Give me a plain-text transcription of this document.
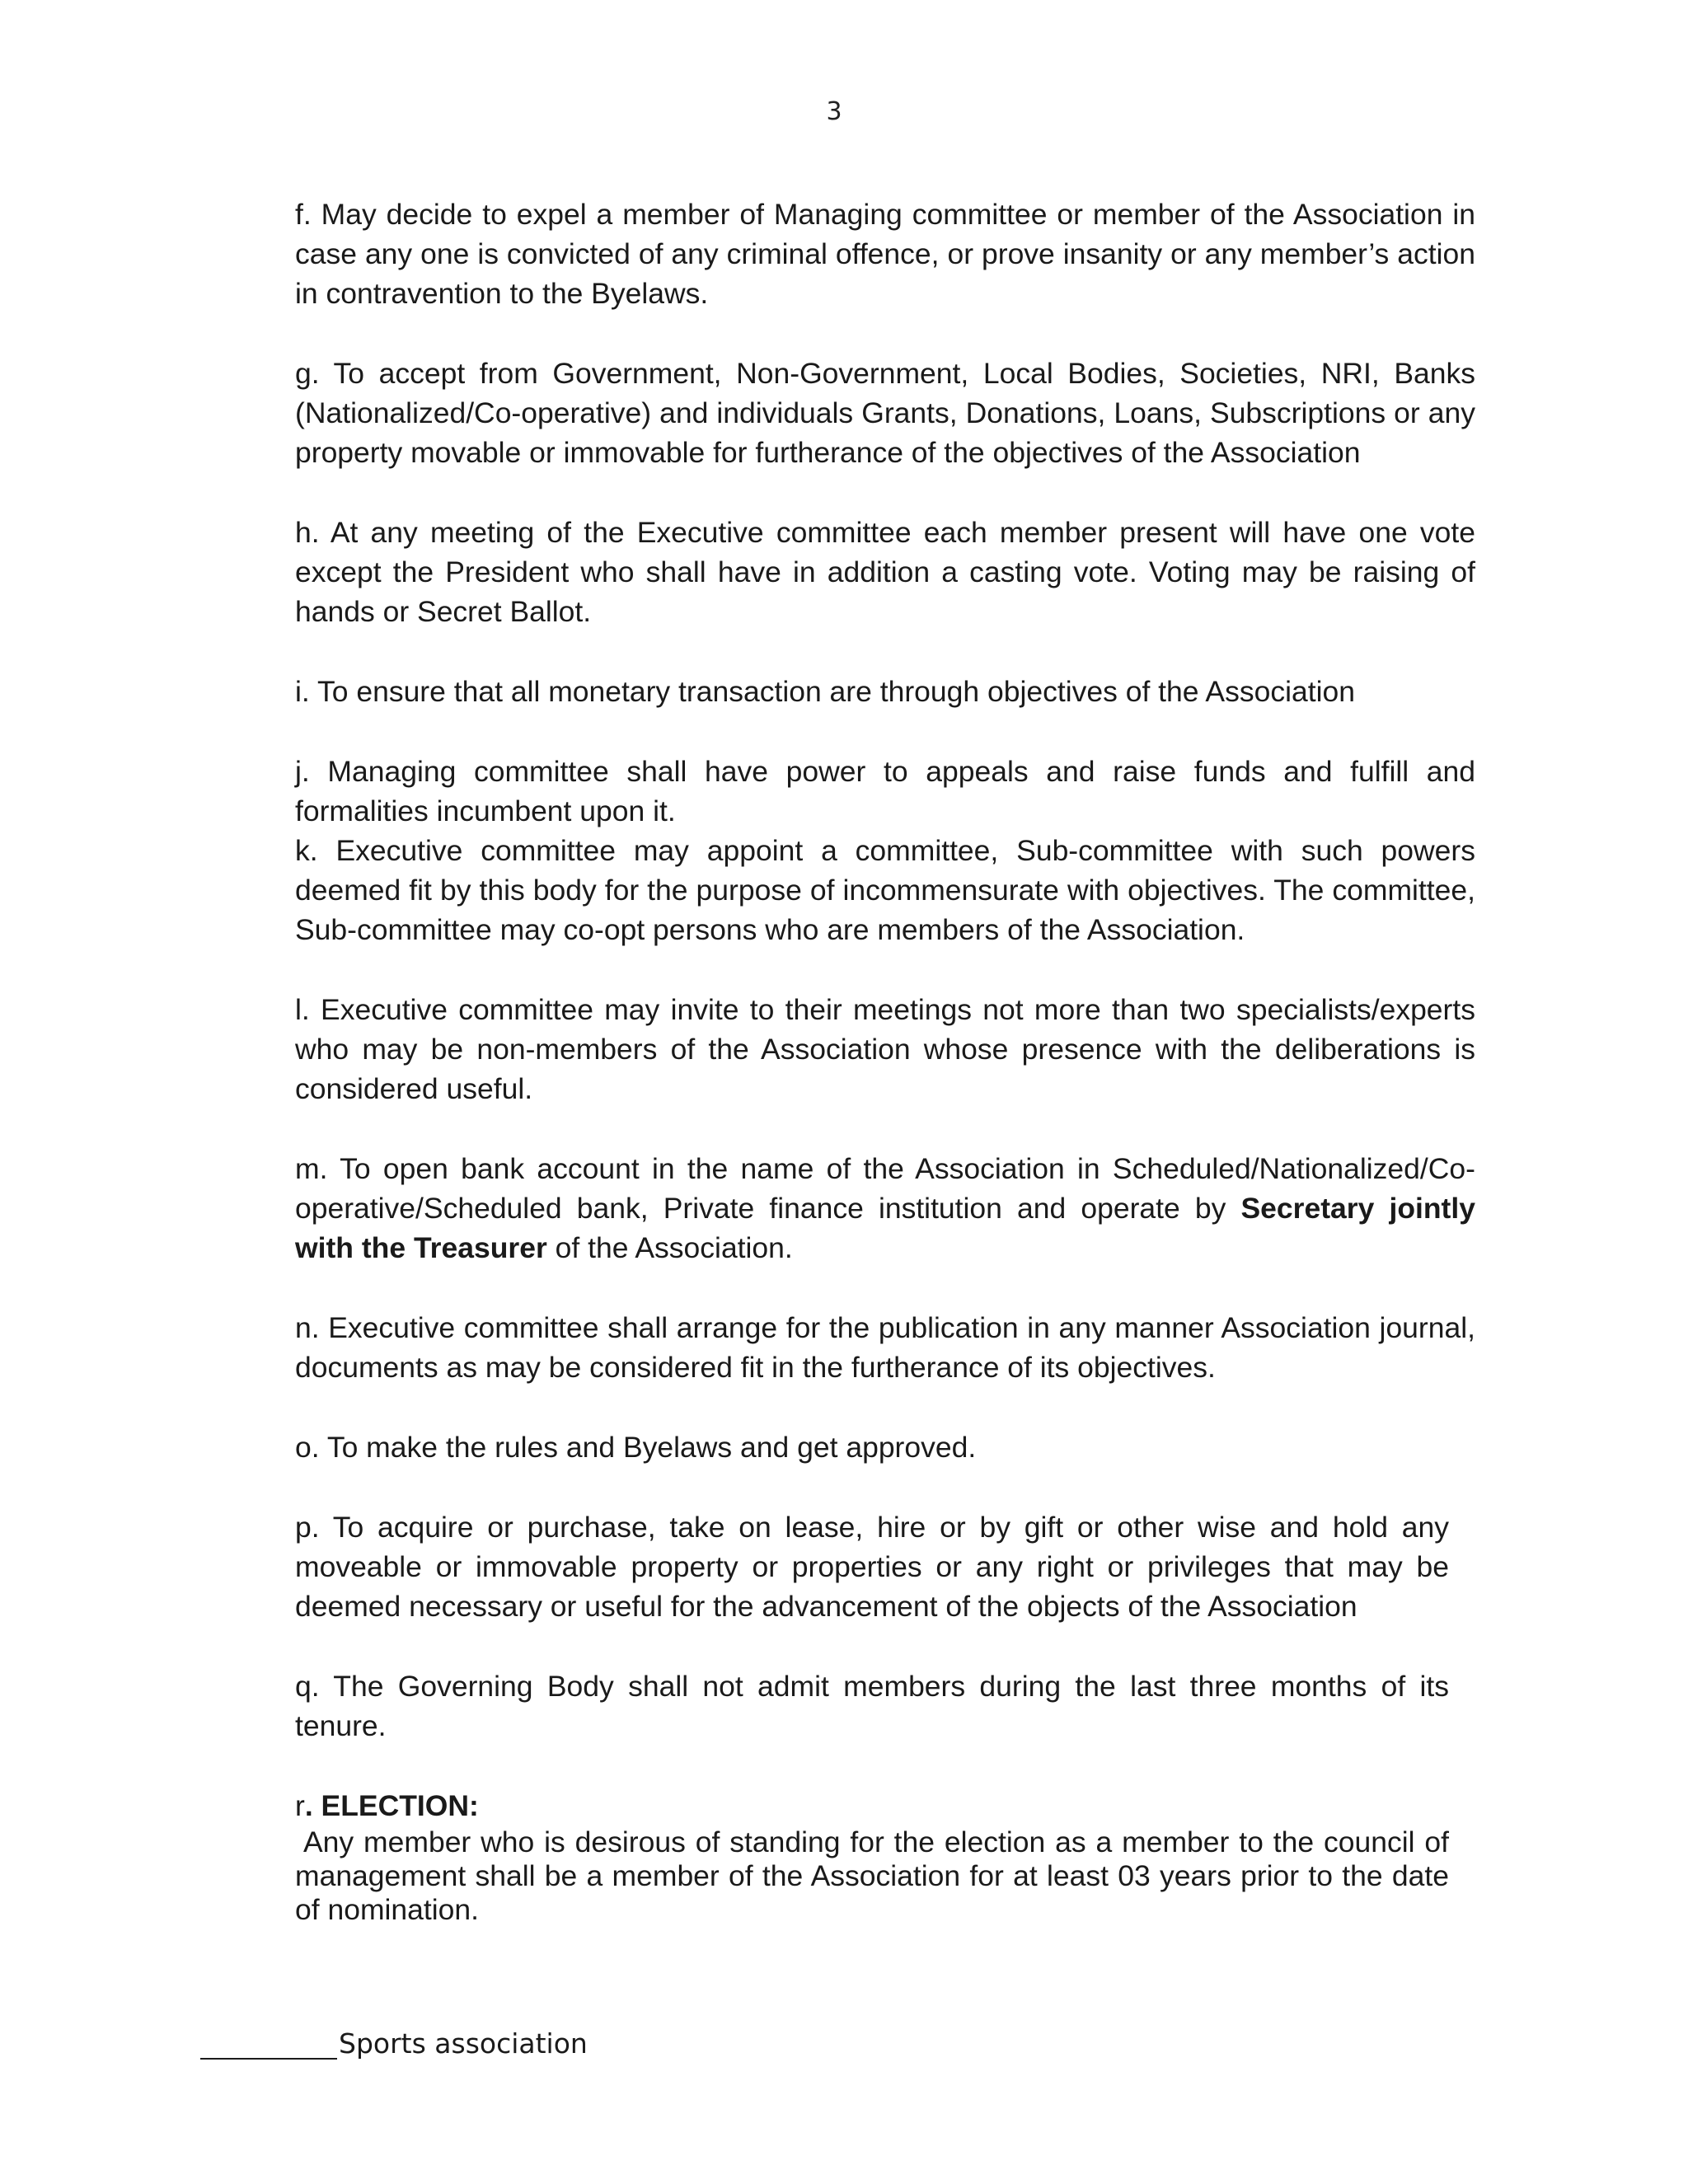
3

f. May decide to expel a member of Managing committee or member of the Association in case any one is convicted of any criminal offence, or prove insanity or any member’s action in contravention to the Byelaws.

g. To accept from Government, Non-Government, Local Bodies, Societies, NRI, Banks (Nationalized/Co-operative) and individuals Grants, Donations, Loans, Subscriptions or any property movable or immovable for furtherance of the objectives of the Association

h. At any meeting of the Executive committee each member present will have one vote except the President who shall have in addition a casting vote. Voting may be raising of hands or Secret Ballot.

i. To ensure that all monetary transaction are through objectives of the Association

j. Managing committee shall have power to appeals and raise funds and fulfill and formalities incumbent upon it.

k. Executive committee may appoint a committee, Sub-committee with such powers deemed fit by this body for the purpose of incommensurate with objectives. The committee, Sub-committee may co-opt persons who are members of the Association.

l. Executive committee may invite to their meetings not more than two specialists/experts who may be non-members of the Association whose presence with the deliberations is considered useful.

m. To open bank account in the name of the Association in Scheduled/Nationalized/Co-operative/Scheduled bank, Private finance institution and operate by Secretary jointly with the Treasurer of the Association.

n. Executive committee shall arrange for the publication in any manner Association journal, documents as may be considered fit in the furtherance of its objectives.

o. To make the rules and Byelaws and get approved.

p. To acquire or purchase, take on lease, hire or by gift or other wise and hold any moveable or immovable property or properties or any right or privileges that may be deemed necessary or useful for the advancement of the objects of the Association

q. The Governing Body shall not admit members during the last three months of its tenure.

r. ELECTION:

Any member who is desirous of standing for the election as a member to the council of management shall be a member of the Association for at least 03 years prior to the date of nomination.

Sports association
